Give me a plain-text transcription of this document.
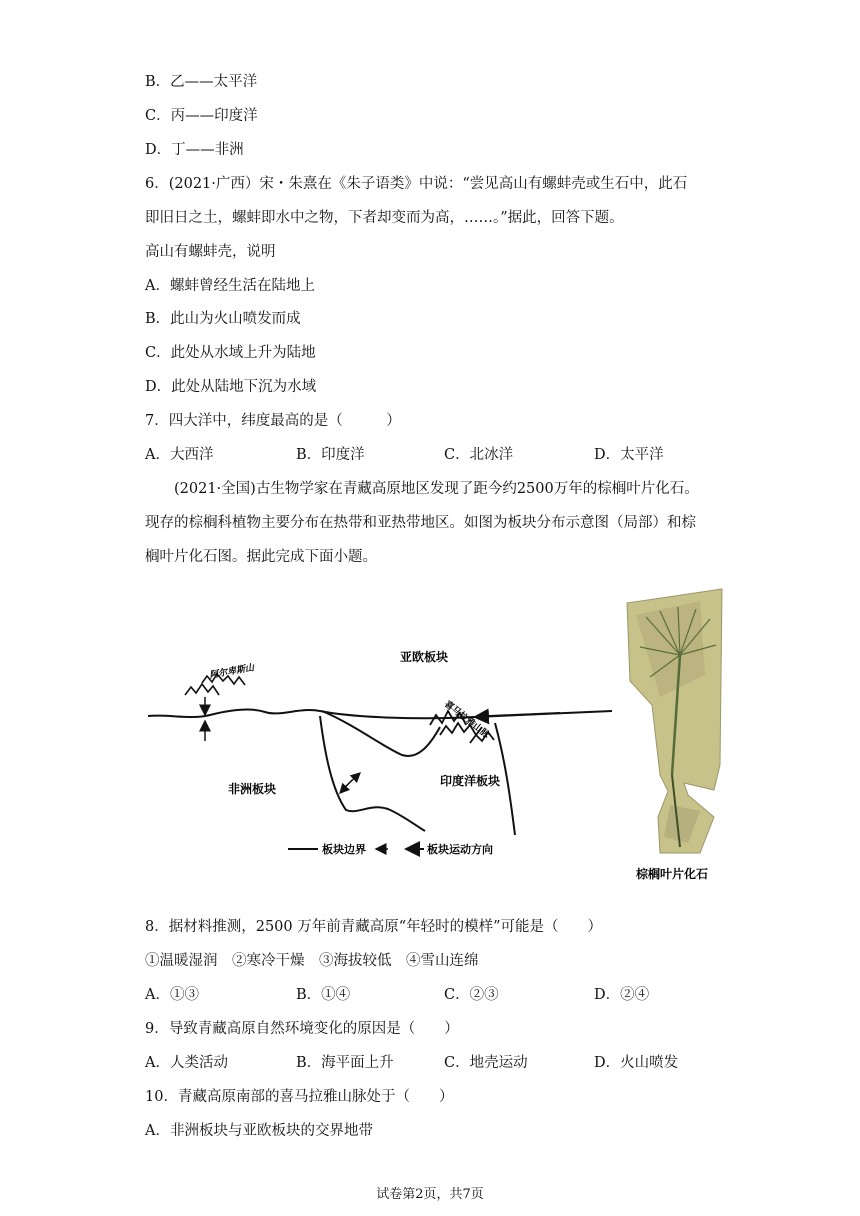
B．乙——太平洋
C．丙——印度洋
D．丁——非洲
6．(2021·广西）宋・朱熹在《朱子语类》中说：“尝见高山有螺蚌壳或生石中，此石
即旧日之土，螺蚌即水中之物，下者却变而为高，……。”据此，回答下题。
高山有螺蚌壳，说明
A．螺蚌曾经生活在陆地上
B．此山为火山喷发而成
C．此处从水域上升为陆地
D．此处从陆地下沉为水域
7．四大洋中，纬度最高的是（　　　）
A．大西洋	B．印度洋	C．北冰洋	D．太平洋
　　(2021·全国)古生物学家在青藏高原地区发现了距今约2500万年的棕榈叶片化石。
现存的棕榈科植物主要分布在热带和亚热带地区。如图为板块分布示意图（局部）和棕
榈叶片化石图。据此完成下面小题。
阿尔卑斯山
喜马拉雅山脉
亚欧板块
非洲板块
印度洋板块
板块边界	板块运动方向
棕榈叶片化石
8．据材料推测，2500 万年前青藏高原“年轻时的模样”可能是（　　）
①温暖湿润　②寒冷干燥　③海拔较低　④雪山连绵
A．①③	B．①④	C．②③	D．②④
9．导致青藏高原自然环境变化的原因是（　　）
A．人类活动	B．海平面上升	C．地壳运动	D．火山喷发
10．青藏高原南部的喜马拉雅山脉处于（　　）
A．非洲板块与亚欧板块的交界地带
试卷第2页，共7页
